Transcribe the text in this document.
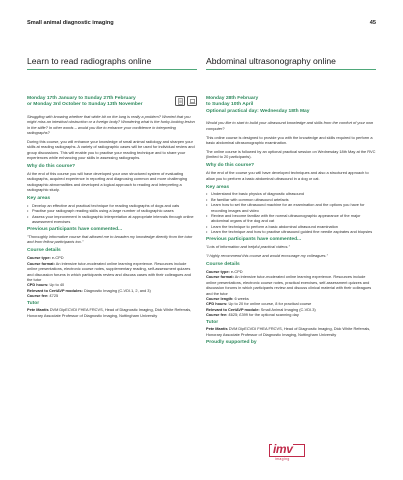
Small animal diagnostic imaging	45
Learn to read radiographs online
Monday 17th January to Sunday 27th February
or Monday 3rd October to Sunday 13th November

Struggling with knowing whether that white bit on the lung is really a problem? Worried that you might miss an intestinal obstruction or a foreign body? Wondering what is the funky-looking lesion in the stifle? In other words – would you like to enhance your confidence in interpreting radiographs?

During this course, you will enhance your knowledge of small animal radiology and sharpen your skills at reading radiographs. A variety of radiographic cases will be used for individual review and group discussions. This will enable you to practise your reading technique and to share your experiences while enhancing your skills in assessing radiographs.

Why do this course?

At the end of this course you will have developed your own structured system of evaluating radiographs, acquired experience in reporting and diagnosing common and more challenging radiographic abnormalities and developed a logical approach to reading and interpreting a radiographic study.

Key areas
• Develop an effective and practical technique for reading radiographs of dogs and cats
• Practise your radiograph reading skills using a large number of radiographic cases
• Assess your improvement in radiographic interpretation at appropriate intervals through online assessment exercises
Previous participants have commented...

"Thoroughly informative course that allowed me to broaden my knowledge directly from the tutor and from fellow participants too."

Course details
Course type: e-CPD
Course format: An intensive tutor-moderated online learning experience. Resources include online presentations, electronic course notes, supplementary reading, self-assessment quizzes and discussion forums in which participants review and discuss cases with their colleagues and the tutor
CPD hours: Up to 40
Relevant to CertAVP modules: Diagnostic Imaging (C-VDI.1, 2, and 3)
Course fee: £725
Tutor
Pete Mantis DVM DipECVDI FHEA FRCVS, Head of Diagnostic Imaging, Dick White Referrals, Honorary Associate Professor of Diagnostic Imaging, Nottingham University
Abdominal ultrasonography online
Monday 28th February
to Sunday 10th April
Optional practical day: Wednesday 18th May

Would you like to start to build your ultrasound knowledge and skills from the comfort of your own computer?

This online course is designed to provide you with the knowledge and skills required to perform a basic abdominal ultrasonographic examination.

The online course is followed by an optional practical session on Wednesday 18th May at the RVC (limited to 20 participants).

Why do this course?

At the end of the course you will have developed techniques and also a structured approach to allow you to perform a basic abdominal ultrasound in a dog or cat.

Key areas
• Understand the basic physics of diagnostic ultrasound
• Be familiar with common ultrasound artefacts
• Learn how to set the ultrasound machine for an examination and the options you have for recording images and video
• Review and become familiar with the normal ultrasonographic appearance of the major abdominal organs of the dog and cat
• Learn the technique to perform a basic abdominal ultrasound examination
• Learn the technique and how to practise ultrasound guided fine needle aspirates and biopsies
Previous participants have commented...

"Lots of information and helpful practical videos."

"I highly recommend this course and would encourage my colleagues."

Course details
Course type: e-CPD
Course format: An intensive tutor-moderated online learning experience. Resources include online presentations, electronic course notes, practical exercises, self-assessment quizzes and discussion forums in which participants review and discuss clinical material with their colleagues and the tutor
Course length: 6 weeks
CPD hours: Up to 20 for online course, 8 for practical course
Relevant to CertAVP module: Small Animal Imaging (C-VDI.3)
Course fee: £625; £399 for the optional scanning day
Tutor
Pete Mantis DVM DipECVDI FHEA FRCVS, Head of Diagnostic Imaging, Dick White Referrals, Honorary Associate Professor of Diagnostic Imaging, Nottingham University
Proudly supported by
imv
imaging
